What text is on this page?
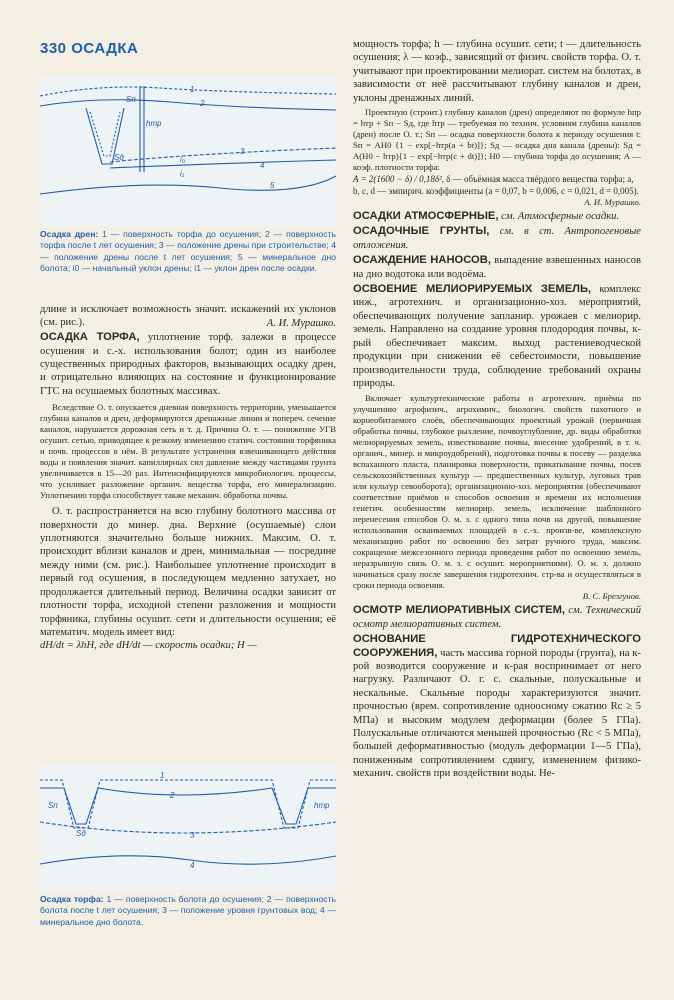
330 ОСАДКА
1
2
3
4
5
i₀
i₁
hтр
Sп
Sд

Осадка дрен: 1 — поверхность торфа до осушения; 2 — поверхность торфа после t лет осушения; 3 — положение дрены при строительстве; 4 — положение дрены после t лет осушения; 5 — минеральное дно болота; i0 — начальный уклон дрены; i1 — уклон дрен после осадки.

длине и исключает возможность значит. искажений их уклонов (см. рис.).	А. И. Мурашко.

ОСАДКА ТОРФА, уплотнение торф. залежи в процессе осушения и с.-х. использования болот; один из наиболее существенных природных факторов, вызывающих осадку дрен, и отрицательно влияющих на состояние и функционирование ГТС на осушаемых болотных массивах.

Вследствие О. т. опускается дневная поверхность территории, уменьшается глубина каналов и дрен, деформируются дренажные линии и попереч. сечение каналов, нарушается дорожная сеть и т. д. Причина О. т. — понижение УГВ осушит. сетью, приводящее к резкому изменению статич. состояния торфяника и почв. процессов в нём. В результате устранения взвешивающего действия воды и появления значит. капиллярных сил давление между частицами грунта увеличивается в 15—20 раз. Интенсифицируются микробиологич. процессы, что усиливает разложение органич. вещества торфа, его минерализацию. Уплотнению торфа способствует также механич. обработка почвы.

О. т. распространяется на всю глубину болотного массива от поверхности до минер. дна. Верхние (осушаемые) слои уплотняются значительно больше нижних. Максим. О. т. происходит вблизи каналов и дрен, минимальная — посредине между ними (см. рис.). Наибольшее уплотнение происходит в первый год осушения, в последующем медленно затухает, но продолжается длительный период. Величина осадки зависит от плотности торфа, исходной степени разложения и мощности торфяника, глубины осушит. сети и длительности осушения; её математич. модель имеет вид:

dH/dt = λhH, где dH/dt — скорость осадки; H —

1
2
3
4
Sп
Sд
hтр

Осадка торфа: 1 — поверхность болота до осушения; 2 — поверхность болота после t лет осушения; 3 — положение уровня грунтовых вод; 4 — минеральное дно болота.

мощность торфа; h — глубина осушит. сети; t — длительность осушения; λ — коэф., зависящий от физич. свойств торфа. О. т. учитывают при проектировании мелиорат. систем на болотах, в зависимости от неё рассчитывают глубину каналов и дрен, уклоны дренажных линий.

Проектную (строит.) глубину каналов (дрен) определяют по формуле hпр = hтр + Sп − Sд, где hтр — требуемая по технич. условиям глубина каналов (дрен) после О. т.; Sп — осадка поверхности болота к периоду осушения t: Sп = AH0 {1 − exp[−hтр(a + bt)]}; Sд — осадка дна канала (дрены): Sд = A(H0 − hтр){1 − exp[−hтр(c + dt)]}; H0 — глубина торфа до осушения; A — коэф. плотности торфа:

A = 2(1600 − δ) / 0,18δ², δ — объёмная масса твёрдого вещества торфа; a, b, c, d — эмпирич. коэффициенты (a = 0,07, b = 0,006, c = 0,021, d = 0,005).

А. И. Мурашко.

ОСАДКИ АТМОСФЕРНЫЕ, см. Атмосферные осадки.

ОСАДОЧНЫЕ ГРУНТЫ, см. в ст. Антропогеновые отложения.

ОСАЖДЕНИЕ НАНОСОВ, выпадение взвешенных наносов на дно водотока или водоёма.

ОСВОЕНИЕ МЕЛИОРИРУЕМЫХ ЗЕМЕЛЬ, комплекс инж., агротехнич. и организационно-хоз. мероприятий, обеспечивающих получение запланир. урожаев с мелиорир. земель. Направлено на создание уровня плодородия почвы, к-рый обеспечивает максим. выход растениеводческой продукции при снижении её себестоимости, повышение производительности труда, соблюдение требований охраны природы.

Включает культуртехнические работы и агротехнич. приёмы по улучшению агрофизич., агрохимич., биологич. свойств пахотного и корнеобитаемого слоёв, обеспечивающих проектный урожай (первичная обработка почвы, глубокое рыхление, почвоуглубление, др. виды обработки мелиорируемых земель, известкование почвы, внесение удобрений, в т. ч. органич., минер. и микроудобрений), подготовка почвы к посеву — разделка вспаханного пласта, планировка поверхности, прикатывание почвы, посев сельскохозяйственных культур — предшественных культур, луговых трав или культур севооборота); организационно-хоз. мероприятия (обеспечивают соответствие приёмов и способов освоения и времени их исполнения генетич. особенностям мелиорир. земель, исключение шаблонного перенесения способов О. м. з. с одного типа почв на другой, повышение использования осваиваемых площадей в с.-х. произв-ве, комплексную механизацию работ по освоению без затрат ручного труда, максим. сокращение межсезонного периода проведения работ по освоению земель, неразрывную связь О. м. з. с осушит. мероприятиями). О. м. з. должно начинаться сразу после завершения гидротехнич. стр-ва и осуществляться в сроки периода освоения.

В. С. Брезгунов.

ОСМОТР МЕЛИОРАТИВНЫХ СИСТЕМ, см. Технический осмотр мелиоративных систем.

ОСНОВАНИЕ ГИДРОТЕХНИЧЕСКОГО СООРУЖЕНИЯ, часть массива горной породы (грунта), на к-рой возводится сооружение и к-рая воспринимает от него нагрузку. Различают О. г. с. скальные, полускальные и нескальные. Скальные породы характеризуются значит. прочностью (врем. сопротивление одноосному сжатию Rc ≥ 5 МПа) и высоким модулем деформации (более 5 ГПа). Полускальные отличаются меньшей прочностью (Rc < 5 МПа), большей деформативностью (модуль деформации 1—5 ГПа), пониженным сопротивлением сдвигу, изменением физико-механич. свойств при воздействии воды. Не-
